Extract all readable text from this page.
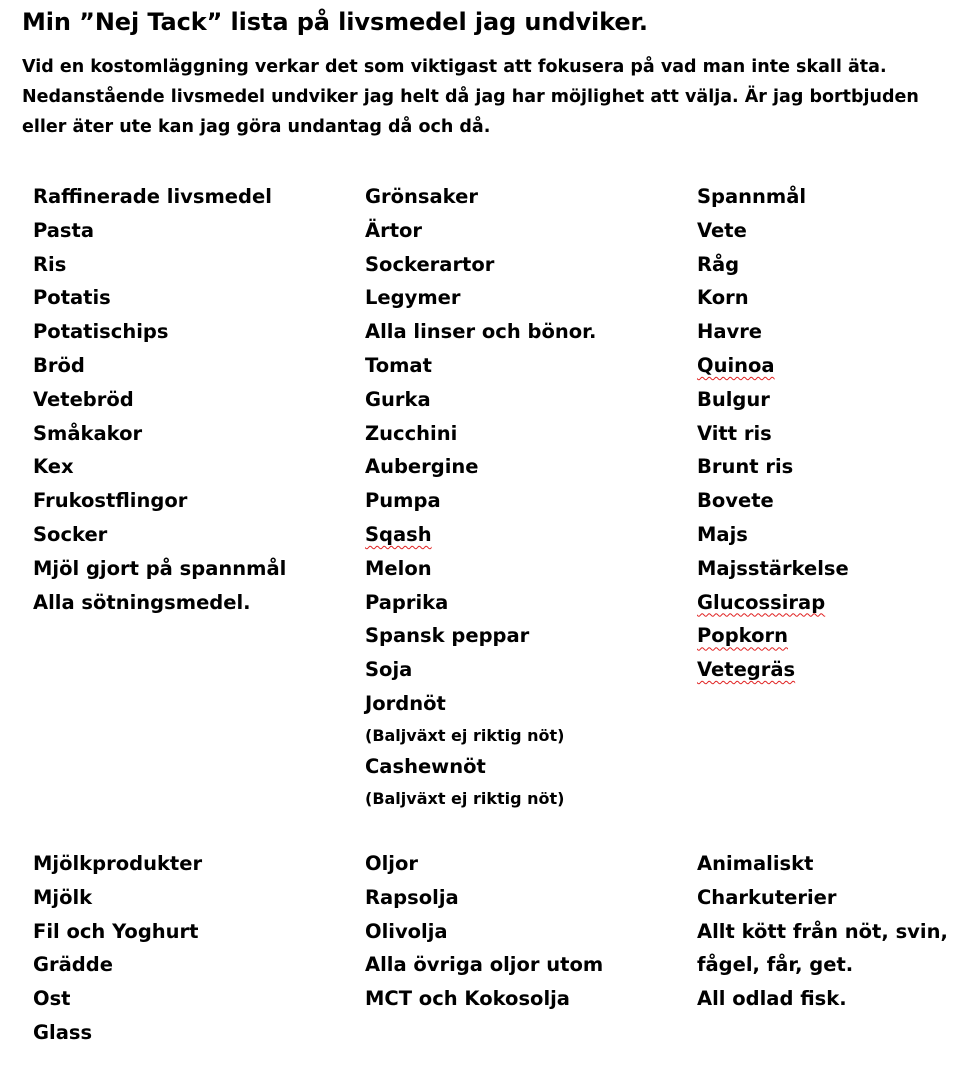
Min ”Nej Tack” lista på livsmedel jag undviker.
Vid en kostomläggning verkar det som viktigast att fokusera på vad man inte skall äta.
Nedanstående livsmedel undviker jag helt då jag har möjlighet att välja. Är jag bortbjuden
eller äter ute kan jag göra undantag då och då.
Raffinerade livsmedel
Pasta
Ris
Potatis
Potatischips
Bröd
Vetebröd
Småkakor
Kex
Frukostflingor
Socker
Mjöl gjort på spannmål
Alla sötningsmedel.
Grönsaker
Ärtor
Sockerartor
Legymer
Alla linser och bönor.
Tomat
Gurka
Zucchini
Aubergine
Pumpa
Sqash
Melon
Paprika
Spansk peppar
Soja
Jordnöt
(Baljväxt ej riktig nöt)
Cashewnöt
(Baljväxt ej riktig nöt)
Spannmål
Vete
Råg
Korn
Havre
Quinoa
Bulgur
Vitt ris
Brunt ris
Bovete
Majs
Majsstärkelse
Glucossirap
Popkorn
Vetegräs
Mjölkprodukter
Mjölk
Fil och Yoghurt
Grädde
Ost
Glass
Oljor
Rapsolja
Olivolja
Alla övriga oljor utom
MCT och Kokosolja
Animaliskt
Charkuterier
Allt kött från nöt, svin,
fågel, får, get.
All odlad fisk.
